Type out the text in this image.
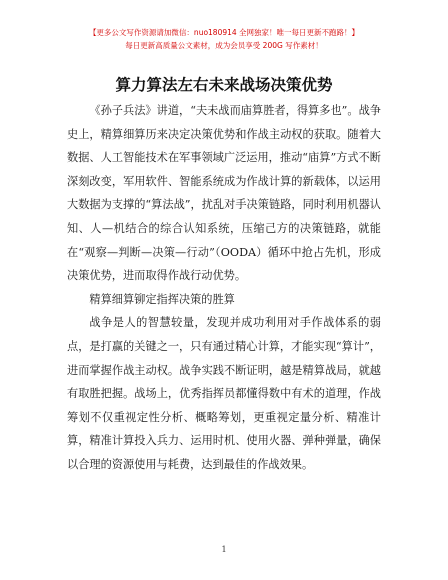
【更多公文写作资源请加微信：nuo180914 全网独家！唯一每日更新不跑路！】
每日更新高质量公文素材，成为会员享受 200G 写作素材！
算力算法左右未来战场决策优势

《孙子兵法》讲道，“夫未战而庙算胜者，得算多也”。战争史上，精算细算历来决定决策优势和作战主动权的获取。随着大数据、人工智能技术在军事领域广泛运用，推动“庙算”方式不断深刻改变，军用软件、智能系统成为作战计算的新载体，以运用大数据为支撑的“算法战”，扰乱对手决策链路，同时利用机器认知、人—机结合的综合认知系统，压缩己方的决策链路，就能在“观察—判断—决策—行动”（OODA）循环中抢占先机，形成决策优势，进而取得作战行动优势。

精算细算铆定指挥决策的胜算

战争是人的智慧较量，发现并成功利用对手作战体系的弱点，是打赢的关键之一，只有通过精心计算，才能实现“算计”，进而掌握作战主动权。战争实践不断证明，越是精算战局，就越有取胜把握。战场上，优秀指挥员都懂得数中有术的道理，作战筹划不仅重视定性分析、概略筹划，更重视定量分析、精准计算，精准计算投入兵力、运用时机、使用火器、弹种弹量，确保以合理的资源使用与耗费，达到最佳的作战效果。

1
